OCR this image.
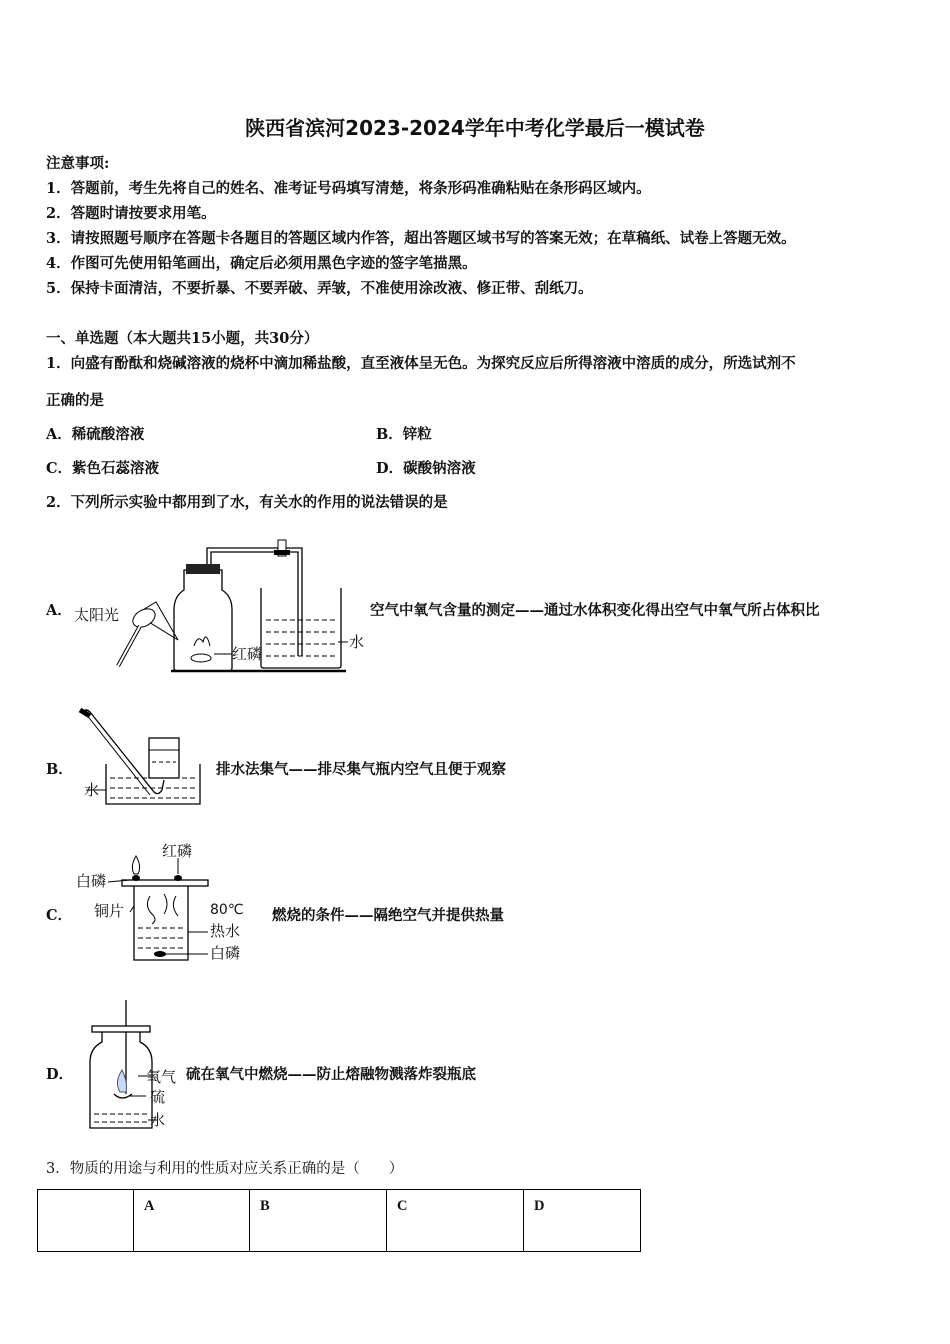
陕西省滨河2023-2024学年中考化学最后一模试卷
注意事项:
1．答题前，考生先将自己的姓名、准考证号码填写清楚，将条形码准确粘贴在条形码区域内。
2．答题时请按要求用笔。
3．请按照题号顺序在答题卡各题目的答题区域内作答，超出答题区域书写的答案无效；在草稿纸、试卷上答题无效。
4．作图可先使用铅笔画出，确定后必须用黑色字迹的签字笔描黑。
5．保持卡面清洁，不要折暴、不要弄破、弄皱，不准使用涂改液、修正带、刮纸刀。
一、单选题（本大题共15小题，共30分）
1．向盛有酚酞和烧碱溶液的烧杯中滴加稀盐酸，直至液体呈无色。为探究反应后所得溶液中溶质的成分，所选试剂不
正确的是
A．稀硫酸溶液	B．锌粒
C．紫色石蕊溶液	D．碳酸钠溶液
2．下列所示实验中都用到了水，有关水的作用的说法错误的是
A． 太阳光
红磷
水
空气中氧气含量的测定——通过水体积变化得出空气中氧气所占体积比
B．
水
排水法集气——排尽集气瓶内空气且便于观察
C．
红磷
白磷
铜片	80℃
热水
白磷
燃烧的条件——隔绝空气并提供热量
D．	氧气
硫
水
硫在氧气中燃烧——防止熔融物溅落炸裂瓶底
3．物质的用途与利用的性质对应关系正确的是（　　）
	A	B	C	D
